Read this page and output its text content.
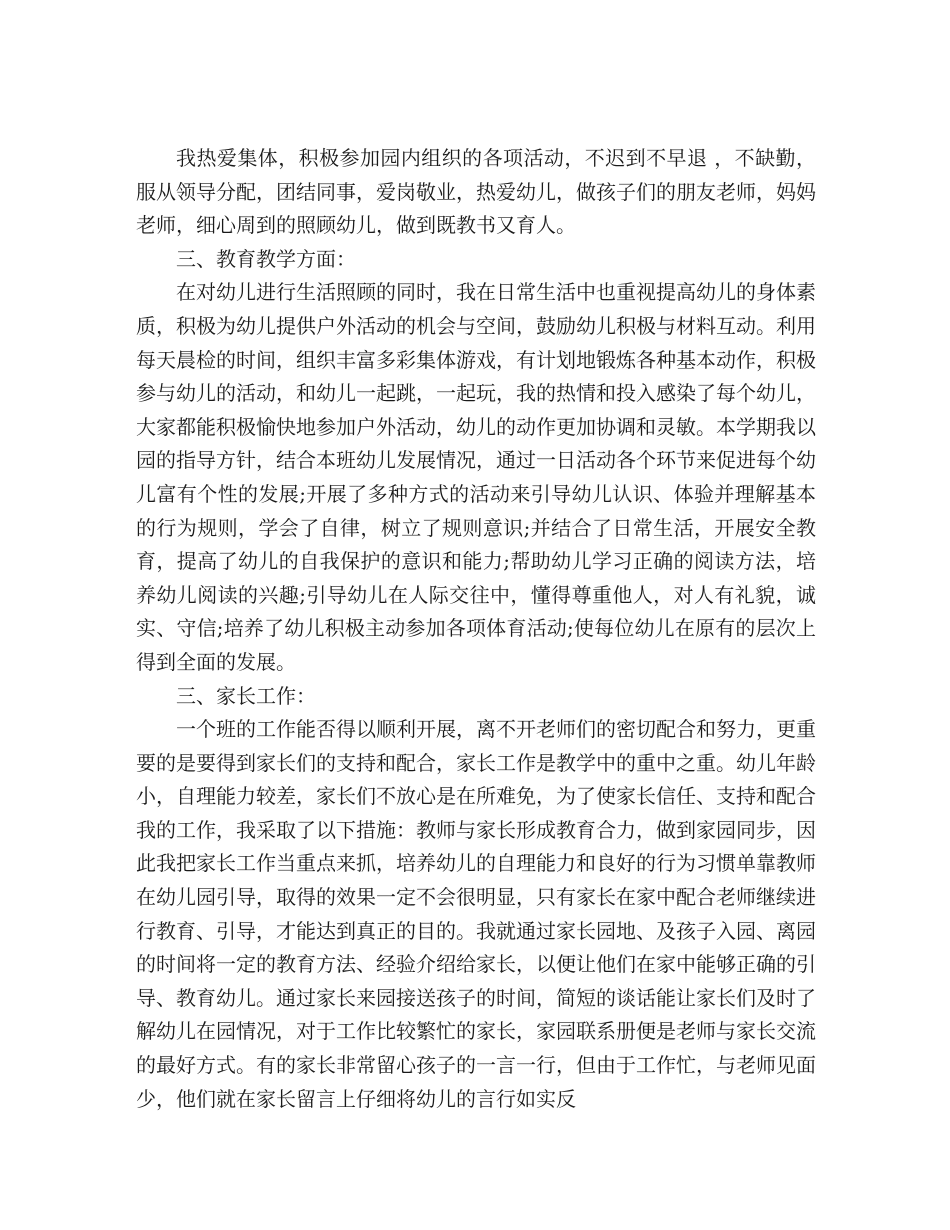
我热爱集体，积极参加园内组织的各项活动，不迟到不早退 ，不缺勤，服从领导分配，团结同事，爱岗敬业，热爱幼儿，做孩子们的朋友老师，妈妈老师，细心周到的照顾幼儿，做到既教书又育人。

三、教育教学方面：

在对幼儿进行生活照顾的同时，我在日常生活中也重视提高幼儿的身体素质，积极为幼儿提供户外活动的机会与空间，鼓励幼儿积极与材料互动。利用每天晨检的时间，组织丰富多彩集体游戏，有计划地锻炼各种基本动作，积极参与幼儿的活动，和幼儿一起跳，一起玩，我的热情和投入感染了每个幼儿，大家都能积极愉快地参加户外活动，幼儿的动作更加协调和灵敏。本学期我以园的指导方针，结合本班幼儿发展情况，通过一日活动各个环节来促进每个幼儿富有个性的发展;开展了多种方式的活动来引导幼儿认识、体验并理解基本的行为规则，学会了自律，树立了规则意识;并结合了日常生活，开展安全教育，提高了幼儿的自我保护的意识和能力;帮助幼儿学习正确的阅读方法，培养幼儿阅读的兴趣;引导幼儿在人际交往中，懂得尊重他人，对人有礼貌，诚实、守信;培养了幼儿积极主动参加各项体育活动;使每位幼儿在原有的层次上得到全面的发展。

三、家长工作：

一个班的工作能否得以顺利开展，离不开老师们的密切配合和努力，更重要的是要得到家长们的支持和配合，家长工作是教学中的重中之重。幼儿年龄小，自理能力较差，家长们不放心是在所难免，为了使家长信任、支持和配合我的工作，我采取了以下措施：教师与家长形成教育合力，做到家园同步，因此我把家长工作当重点来抓，培养幼儿的自理能力和良好的行为习惯单靠教师在幼儿园引导，取得的效果一定不会很明显，只有家长在家中配合老师继续进行教育、引导，才能达到真正的目的。我就通过家长园地、及孩子入园、离园的时间将一定的教育方法、经验介绍给家长，以便让他们在家中能够正确的引导、教育幼儿。通过家长来园接送孩子的时间，简短的谈话能让家长们及时了解幼儿在园情况，对于工作比较繁忙的家长，家园联系册便是老师与家长交流的最好方式。有的家长非常留心孩子的一言一行，但由于工作忙，与老师见面少，他们就在家长留言上仔细将幼儿的言行如实反
